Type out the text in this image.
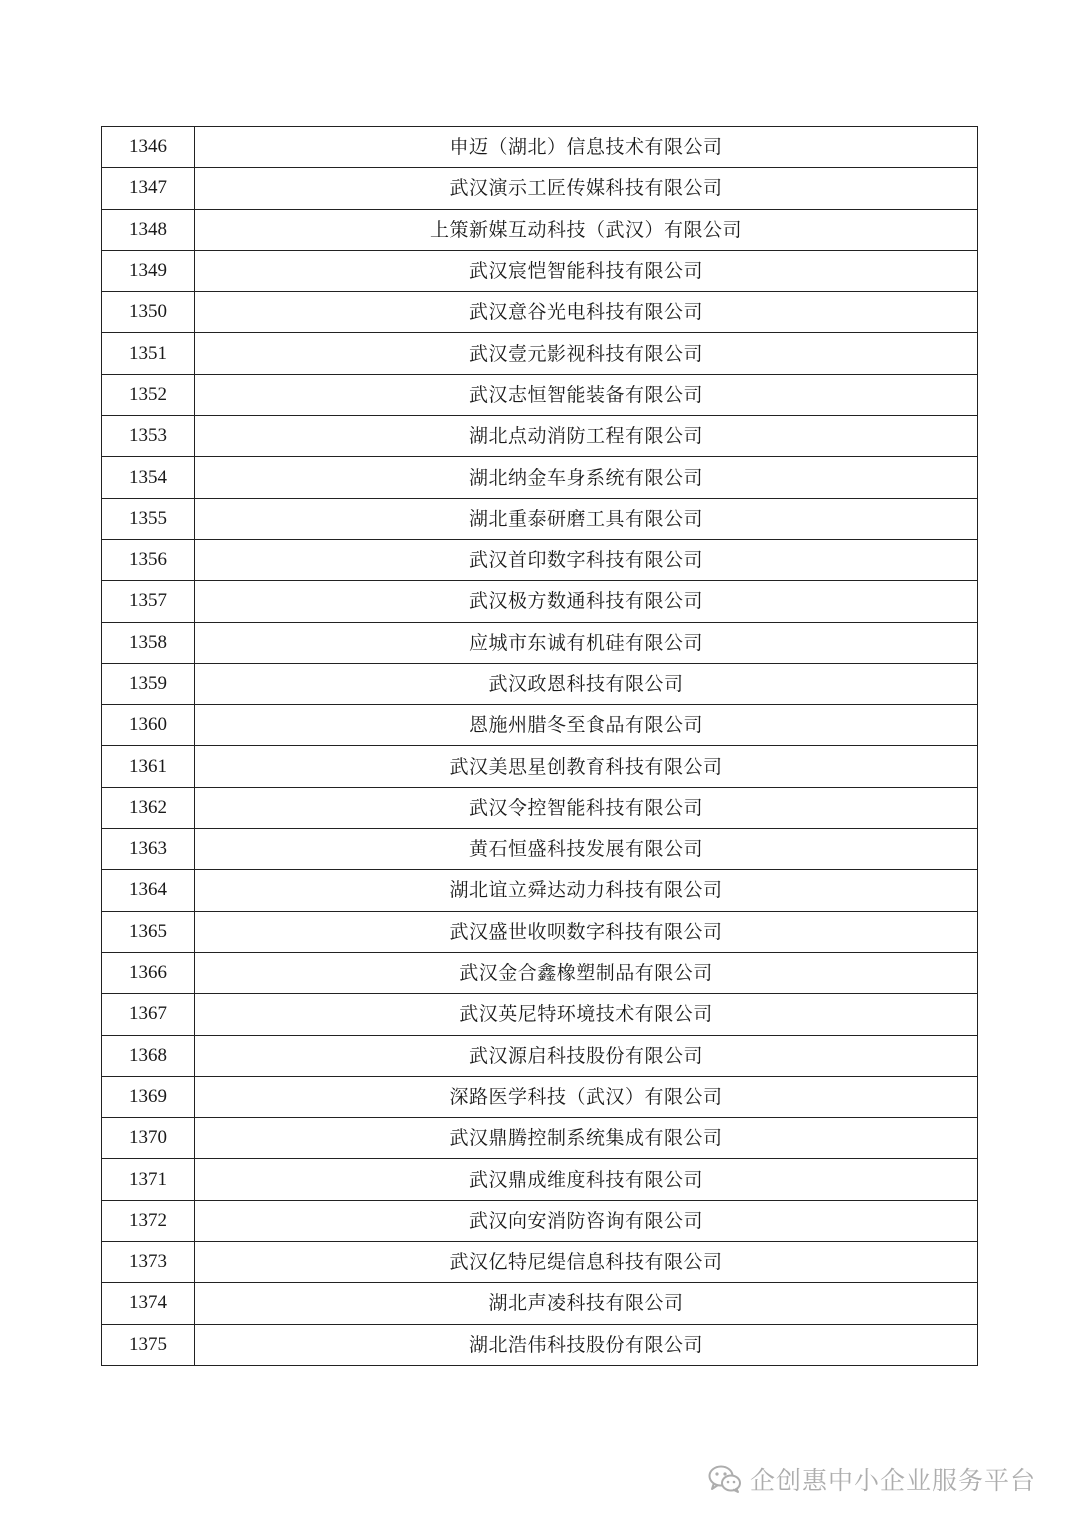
1346	申迈（湖北）信息技术有限公司
1347	武汉演示工匠传媒科技有限公司
1348	上策新媒互动科技（武汉）有限公司
1349	武汉宸恺智能科技有限公司
1350	武汉意谷光电科技有限公司
1351	武汉壹元影视科技有限公司
1352	武汉志恒智能装备有限公司
1353	湖北点动消防工程有限公司
1354	湖北纳金车身系统有限公司
1355	湖北重泰研磨工具有限公司
1356	武汉首印数字科技有限公司
1357	武汉极方数通科技有限公司
1358	应城市东诚有机硅有限公司
1359	武汉政恩科技有限公司
1360	恩施州腊冬至食品有限公司
1361	武汉美思星创教育科技有限公司
1362	武汉令控智能科技有限公司
1363	黄石恒盛科技发展有限公司
1364	湖北谊立舜达动力科技有限公司
1365	武汉盛世收呗数字科技有限公司
1366	武汉金合鑫橡塑制品有限公司
1367	武汉英尼特环境技术有限公司
1368	武汉源启科技股份有限公司
1369	深路医学科技（武汉）有限公司
1370	武汉鼎腾控制系统集成有限公司
1371	武汉鼎成维度科技有限公司
1372	武汉向安消防咨询有限公司
1373	武汉亿特尼缇信息科技有限公司
1374	湖北声凌科技有限公司
1375	湖北浩伟科技股份有限公司
企创惠中小企业服务平台
